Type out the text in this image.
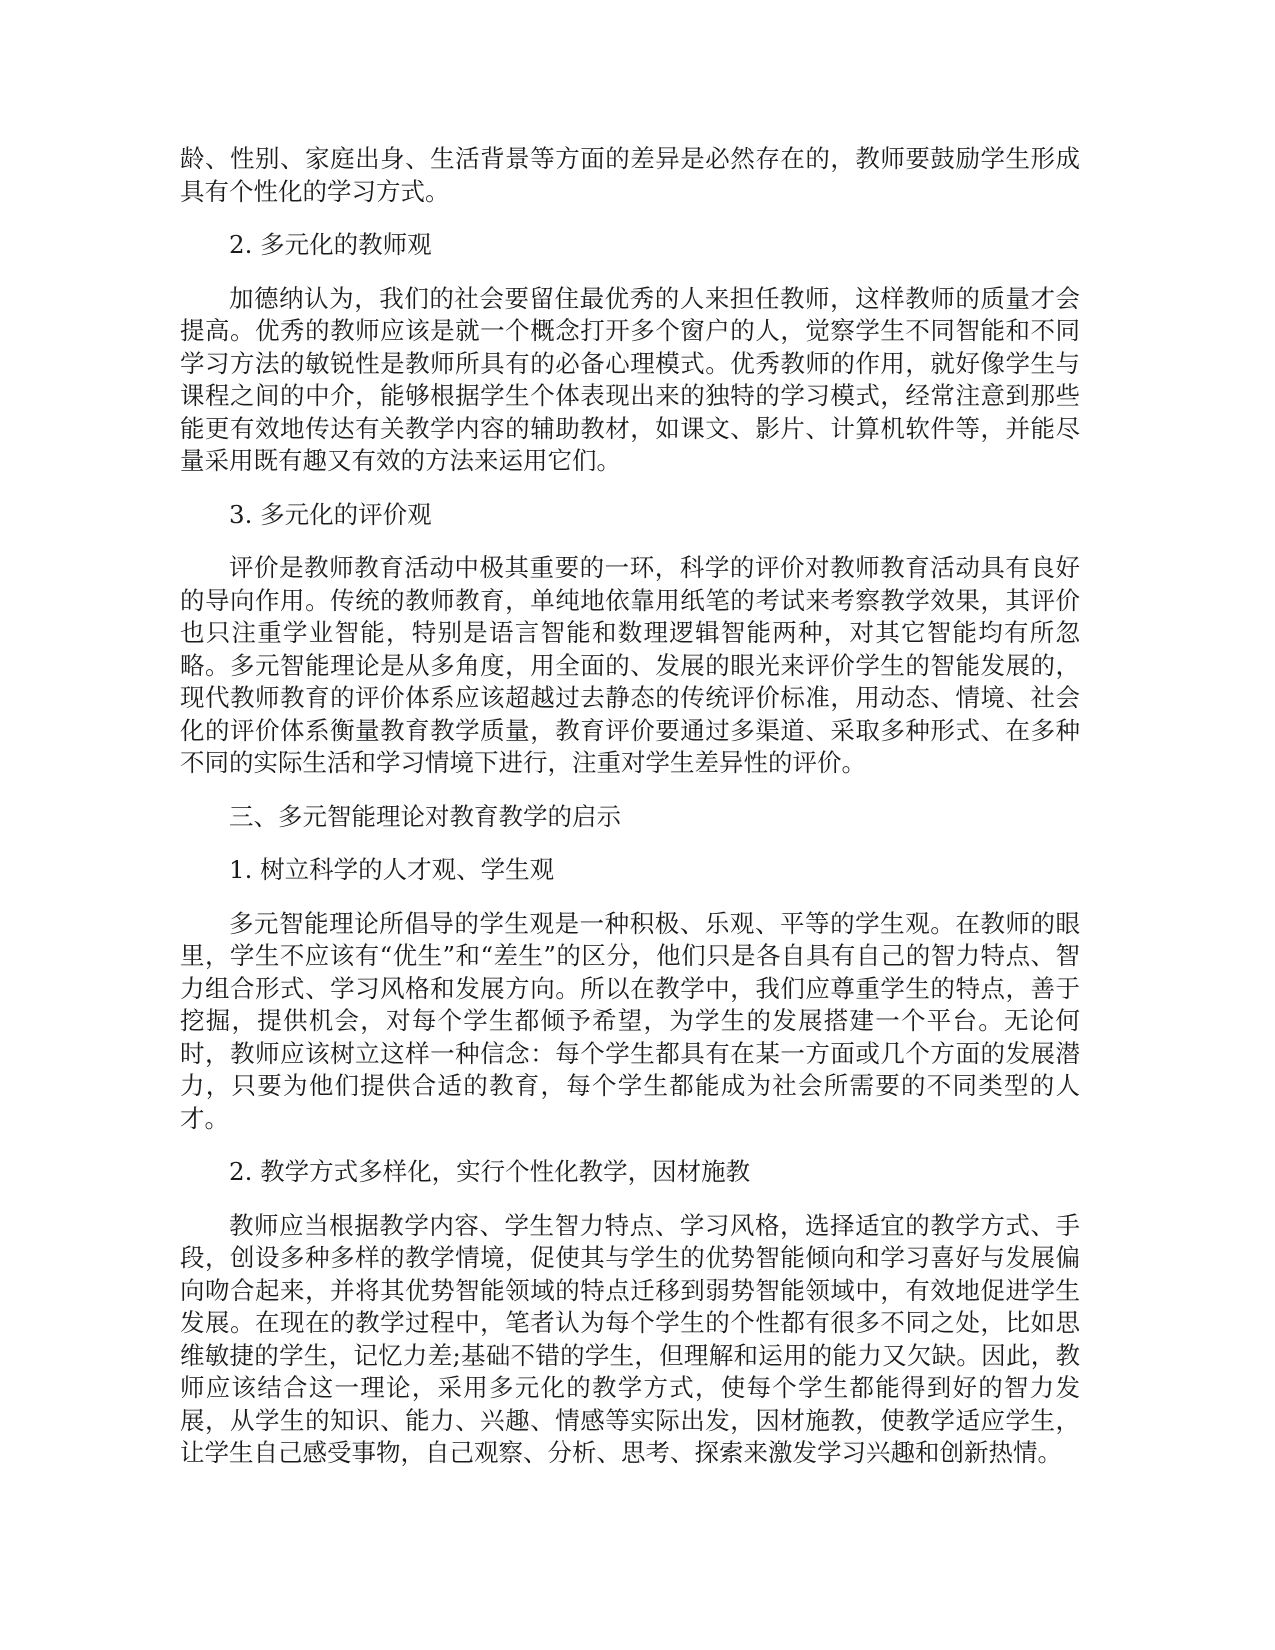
龄、性别、家庭出身、生活背景等方面的差异是必然存在的，教师要鼓励学生形成具有个性化的学习方式。

2. 多元化的教师观

加德纳认为，我们的社会要留住最优秀的人来担任教师，这样教师的质量才会提高。优秀的教师应该是就一个概念打开多个窗户的人，觉察学生不同智能和不同学习方法的敏锐性是教师所具有的必备心理模式。优秀教师的作用，就好像学生与课程之间的中介，能够根据学生个体表现出来的独特的学习模式，经常注意到那些能更有效地传达有关教学内容的辅助教材，如课文、影片、计算机软件等，并能尽量采用既有趣又有效的方法来运用它们。

3. 多元化的评价观

评价是教师教育活动中极其重要的一环，科学的评价对教师教育活动具有良好的导向作用。传统的教师教育，单纯地依靠用纸笔的考试来考察教学效果，其评价也只注重学业智能，特别是语言智能和数理逻辑智能两种，对其它智能均有所忽略。多元智能理论是从多角度，用全面的、发展的眼光来评价学生的智能发展的，现代教师教育的评价体系应该超越过去静态的传统评价标准，用动态、情境、社会化的评价体系衡量教育教学质量，教育评价要通过多渠道、采取多种形式、在多种不同的实际生活和学习情境下进行，注重对学生差异性的评价。

三、多元智能理论对教育教学的启示

1. 树立科学的人才观、学生观

多元智能理论所倡导的学生观是一种积极、乐观、平等的学生观。在教师的眼里，学生不应该有“优生”和“差生”的区分，他们只是各自具有自己的智力特点、智力组合形式、学习风格和发展方向。所以在教学中，我们应尊重学生的特点，善于挖掘，提供机会，对每个学生都倾予希望，为学生的发展搭建一个平台。无论何时，教师应该树立这样一种信念：每个学生都具有在某一方面或几个方面的发展潜力，只要为他们提供合适的教育，每个学生都能成为社会所需要的不同类型的人才。

2. 教学方式多样化，实行个性化教学，因材施教

教师应当根据教学内容、学生智力特点、学习风格，选择适宜的教学方式、手段，创设多种多样的教学情境，促使其与学生的优势智能倾向和学习喜好与发展偏向吻合起来，并将其优势智能领域的特点迁移到弱势智能领域中，有效地促进学生发展。在现在的教学过程中，笔者认为每个学生的个性都有很多不同之处，比如思维敏捷的学生，记忆力差;基础不错的学生，但理解和运用的能力又欠缺。因此，教师应该结合这一理论，采用多元化的教学方式，使每个学生都能得到好的智力发展，从学生的知识、能力、兴趣、情感等实际出发，因材施教，使教学适应学生，让学生自己感受事物，自己观察、分析、思考、探索来激发学习兴趣和创新热情。
